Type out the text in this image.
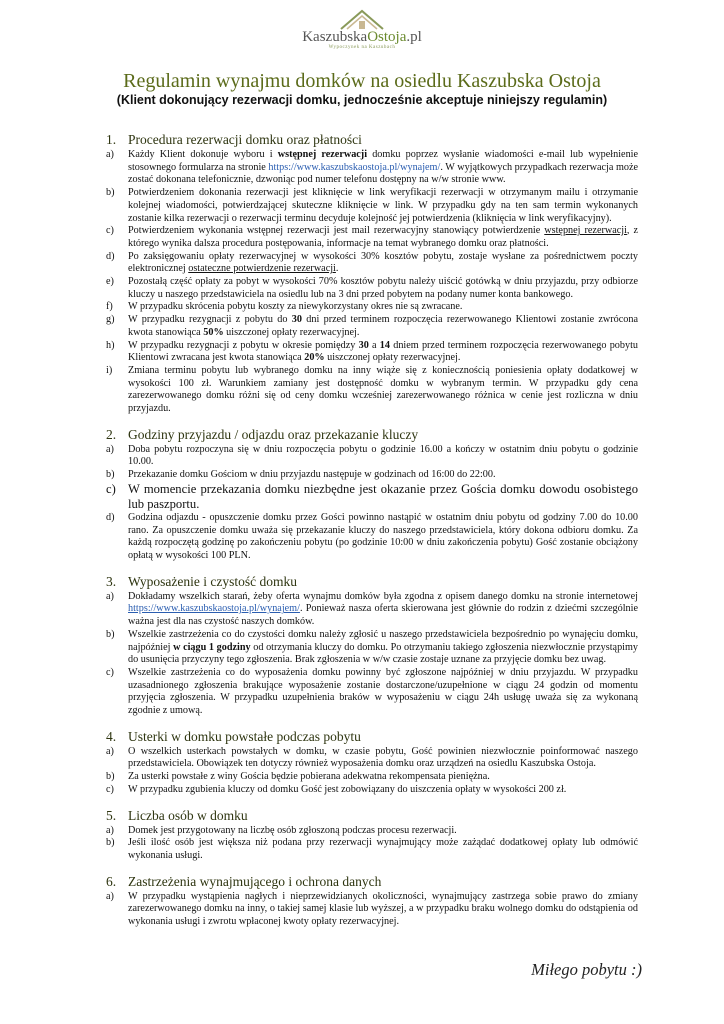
KaszubskaOstoja.pl
Wypoczynek na Kaszubach
Regulamin wynajmu domków na osiedlu Kaszubska Ostoja
(Klient dokonujący rezerwacji domku, jednocześnie akceptuje niniejszy regulamin)
1. Procedura rezerwacji domku oraz płatności
a)	Każdy Klient dokonuje wyboru i wstępnej rezerwacji domku poprzez wysłanie wiadomości e-mail lub wypełnienie stosownego formularza na stronie https://www.kaszubskaostoja.pl/wynajem/. W wyjątkowych przypadkach rezerwacja może zostać dokonana telefonicznie, dzwoniąc pod numer telefonu dostępny na w/w stronie www.
b)	Potwierdzeniem dokonania rezerwacji jest kliknięcie w link weryfikacji rezerwacji w otrzymanym mailu i otrzymanie kolejnej wiadomości, potwierdzającej skuteczne kliknięcie w link. W przypadku gdy na ten sam termin wykonanych zostanie kilka rezerwacji o rezerwacji terminu decyduje kolejność jej potwierdzenia (kliknięcia w link weryfikacyjny).
c)	Potwierdzeniem wykonania wstępnej rezerwacji jest mail rezerwacyjny stanowiący potwierdzenie wstępnej rezerwacji, z którego wynika dalsza procedura postępowania, informacje na temat wybranego domku oraz płatności.
d)	Po zaksięgowaniu opłaty rezerwacyjnej w wysokości 30% kosztów pobytu, zostaje wysłane za pośrednictwem poczty elektronicznej ostateczne potwierdzenie rezerwacji.
e)	Pozostałą część opłaty za pobyt w wysokości 70% kosztów pobytu należy uiścić gotówką w dniu przyjazdu, przy odbiorze kluczy u naszego przedstawiciela na osiedlu lub na 3 dni przed pobytem na podany numer konta bankowego.
f)	W przypadku skrócenia pobytu koszty za niewykorzystany okres nie są zwracane.
g)	W przypadku rezygnacji z pobytu do 30 dni przed terminem rozpoczęcia rezerwowanego Klientowi zostanie zwrócona kwota stanowiąca 50% uiszczonej opłaty rezerwacyjnej.
h)	W przypadku rezygnacji z pobytu w okresie pomiędzy 30 a 14 dniem przed terminem rozpoczęcia rezerwowanego pobytu Klientowi zwracana jest kwota stanowiąca 20% uiszczonej opłaty rezerwacyjnej.
i)	Zmiana terminu pobytu lub wybranego domku na inny wiąże się z koniecznością poniesienia opłaty dodatkowej w wysokości 100 zł. Warunkiem zamiany jest dostępność domku w wybranym termin. W przypadku gdy cena zarezerwowanego domku różni się od ceny domku wcześniej zarezerwowanego różnica w cenie jest rozliczna w dniu przyjazdu.
2. Godziny przyjazdu / odjazdu oraz przekazanie kluczy
a)	Doba pobytu rozpoczyna się w dniu rozpoczęcia pobytu o godzinie 16.00 a kończy w ostatnim dniu pobytu o godzinie 10.00.
b)	Przekazanie domku Gościom w dniu przyjazdu następuje w godzinach od 16:00 do 22:00.
c) W momencie przekazania domku niezbędne jest okazanie przez Gościa domku dowodu osobistego lub paszportu.
d)	Godzina odjazdu - opuszczenie domku przez Gości powinno nastąpić w ostatnim dniu pobytu od godziny 7.00 do 10.00 rano. Za opuszczenie domku uważa się przekazanie kluczy do naszego przedstawiciela, który dokona odbioru domku. Za każdą rozpoczętą godzinę po zakończeniu pobytu (po godzinie 10:00 w dniu zakończenia pobytu) Gość zostanie obciążony opłatą w wysokości 100 PLN.
3. Wyposażenie i czystość domku
a)	Dokładamy wszelkich starań, żeby oferta wynajmu domków była zgodna z opisem danego domku na stronie internetowej https://www.kaszubskaostoja.pl/wynajem/. Ponieważ nasza oferta skierowana jest głównie do rodzin z dziećmi szczególnie ważna jest dla nas czystość naszych domków.
b)	Wszelkie zastrzeżenia co do czystości domku należy zgłosić u naszego przedstawiciela bezpośrednio po wynajęciu domku, najpóźniej w ciągu 1 godziny od otrzymania kluczy do domku. Po otrzymaniu takiego zgłoszenia niezwłocznie przystąpimy do usunięcia przyczyny tego zgłoszenia. Brak zgłoszenia w w/w czasie zostaje uznane za przyjęcie domku bez uwag.
c)	Wszelkie zastrzeżenia co do wyposażenia domku powinny być zgłoszone najpóźniej w dniu przyjazdu. W przypadku uzasadnionego zgłoszenia brakujące wyposażenie zostanie dostarczone/uzupełnione w ciągu 24 godzin od momentu przyjęcia zgłoszenia. W przypadku uzupełnienia braków w wyposażeniu w ciągu 24h usługę uważa się za wykonaną zgodnie z umową.
4. Usterki w domku powstałe podczas pobytu
a)	O wszelkich usterkach powstałych w domku, w czasie pobytu, Gość powinien niezwłocznie poinformować naszego przedstawiciela. Obowiązek ten dotyczy również wyposażenia domku oraz urządzeń na osiedlu Kaszubska Ostoja.
b)	Za usterki powstałe z winy Gościa będzie pobierana adekwatna rekompensata pieniężna.
c)	W przypadku zgubienia kluczy od domku Gość jest zobowiązany do uiszczenia opłaty w wysokości 200 zł.
5. Liczba osób w domku
a)	Domek jest przygotowany na liczbę osób zgłoszoną podczas procesu rezerwacji.
b)	Jeśli ilość osób jest większa niż podana przy rezerwacji wynajmujący może zażądać dodatkowej opłaty lub odmówić wykonania usługi.
6. Zastrzeżenia wynajmującego i ochrona danych
a)	W przypadku wystąpienia nagłych i nieprzewidzianych okoliczności, wynajmujący zastrzega sobie prawo do zmiany zarezerwowanego domku na inny, o takiej samej klasie lub wyższej, a w przypadku braku wolnego domku do odstąpienia od wykonania usługi i zwrotu wpłaconej kwoty opłaty rezerwacyjnej.
Miłego pobytu :)
